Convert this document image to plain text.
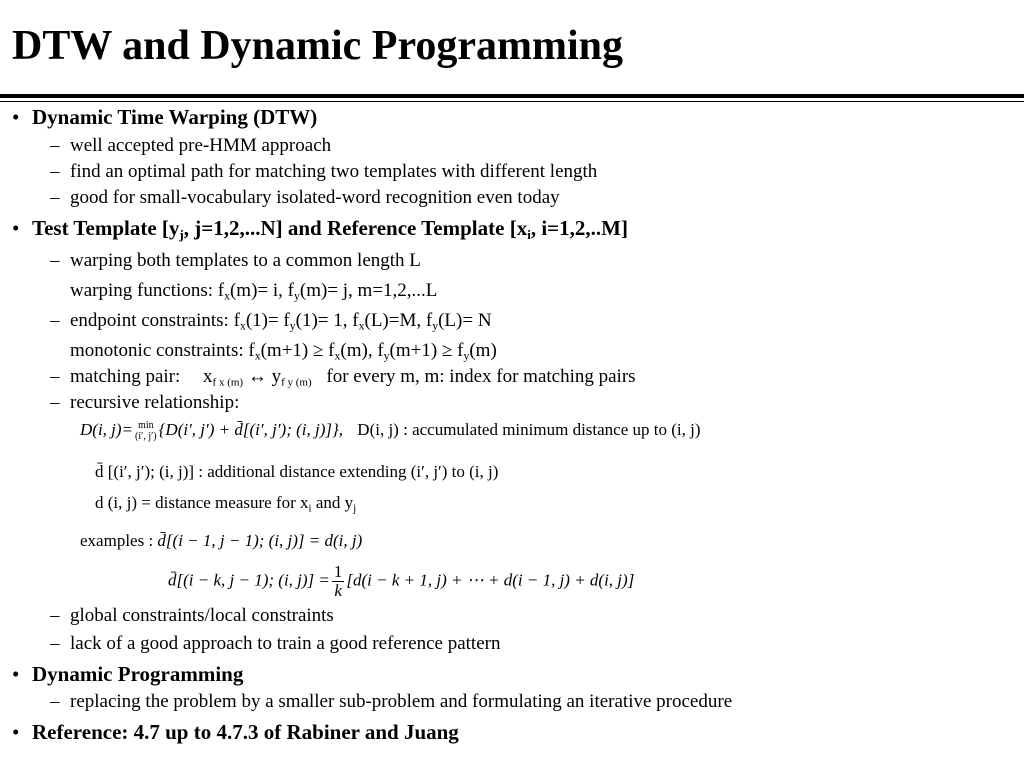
DTW and Dynamic Programming
• Dynamic Time Warping (DTW)
– well accepted pre-HMM approach
– find an optimal path for matching two templates with different length
– good for small-vocabulary isolated-word recognition even today
• Test Template [$y_j$, j=1,2,...N] and Reference Template [$x_i$, i=1,2,..M]
– warping both templates to a common length L
warping functions: $f_x(m)= i$, $f_y(m)= j$, m=1,2,...L
– endpoint constraints: $f_x(1)= f_y(1)= 1$, $f_x(L)=M$, $f_y(L)= N$
monotonic constraints: $f_x(m+1) \ge f_x(m)$, $f_y(m+1) \ge f_y(m)$
– matching pair: $x_{f x (m)}$ ↔ $y_{f y (m)}$ for every m, m: index for matching pairs
– recursive relationship:
D(i, j)= min
(i′, j′) {D(i′, j′) + d̄[(i′, j′); (i, j)]}, D(i, j) : accumulated minimum distance up to (i, j)
d̄ [(i′, j′); (i, j)] : additional distance extending (i′, j′) to (i, j)
d (i, j) = distance measure for $x_i$ and $y_j$
examples : d̄[(i − 1, j − 1); (i, j)] = d(i, j)
d̄[(i − k, j − 1); (i, $j)] = \frac{1}{k} [d(i - k + 1$, j) + ⋯ + d(i − 1, j) + d(i, j)]
– global constraints/local constraints
– lack of a good approach to train a good reference pattern
• Dynamic Programming
– replacing the problem by a smaller sub-problem and formulating an iterative procedure
• Reference: 4.7 up to 4.7.3 of Rabiner and Juang
